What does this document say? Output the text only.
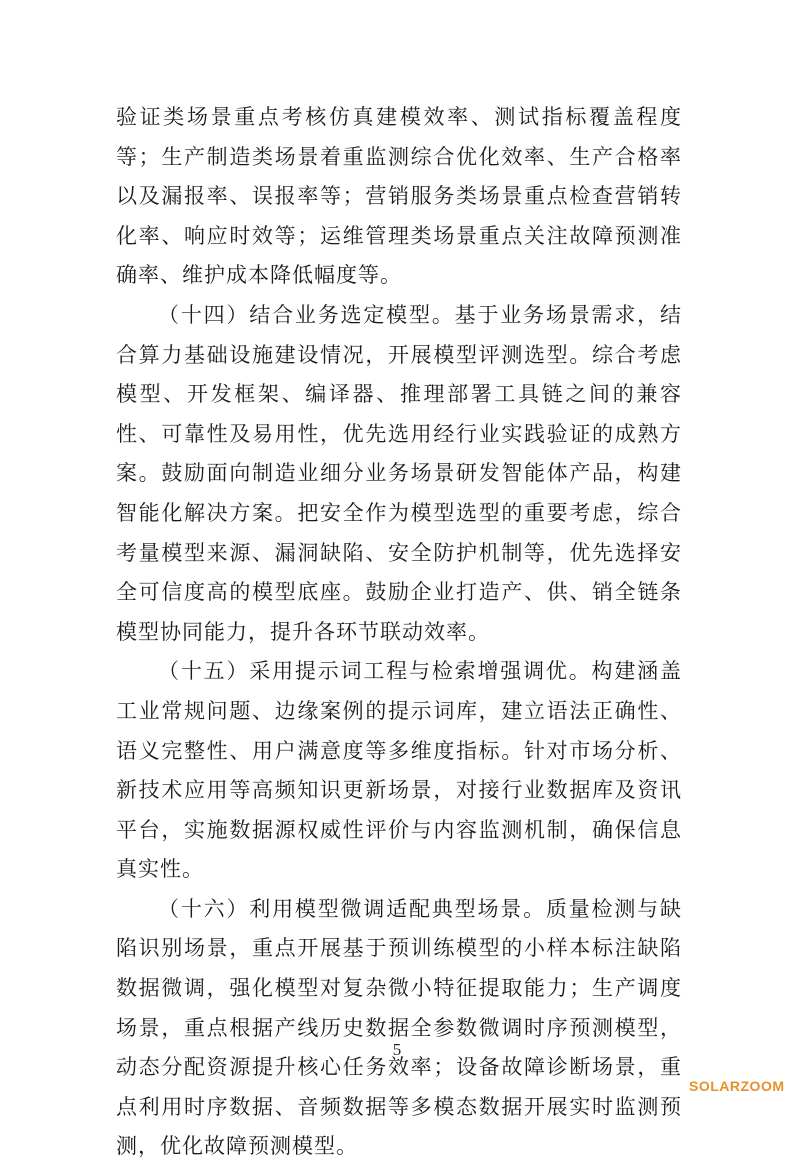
验证类场景重点考核仿真建模效率、测试指标覆盖程度等；生产制造类场景着重监测综合优化效率、生产合格率以及漏报率、误报率等；营销服务类场景重点检查营销转化率、响应时效等；运维管理类场景重点关注故障预测准确率、维护成本降低幅度等。

（十四）结合业务选定模型。基于业务场景需求，结合算力基础设施建设情况，开展模型评测选型。综合考虑模型、开发框架、编译器、推理部署工具链之间的兼容性、可靠性及易用性，优先选用经行业实践验证的成熟方案。鼓励面向制造业细分业务场景研发智能体产品，构建智能化解决方案。把安全作为模型选型的重要考虑，综合考量模型来源、漏洞缺陷、安全防护机制等，优先选择安全可信度高的模型底座。鼓励企业打造产、供、销全链条模型协同能力，提升各环节联动效率。

（十五）采用提示词工程与检索增强调优。构建涵盖工业常规问题、边缘案例的提示词库，建立语法正确性、语义完整性、用户满意度等多维度指标。针对市场分析、新技术应用等高频知识更新场景，对接行业数据库及资讯平台，实施数据源权威性评价与内容监测机制，确保信息真实性。

（十六）利用模型微调适配典型场景。质量检测与缺陷识别场景，重点开展基于预训练模型的小样本标注缺陷数据微调，强化模型对复杂微小特征提取能力；生产调度场景，重点根据产线历史数据全参数微调时序预测模型，动态分配资源提升核心任务效率；设备故障诊断场景，重点利用时序数据、音频数据等多模态数据开展实时监测预测，优化故障预测模型。

5
SOLARZOOM
